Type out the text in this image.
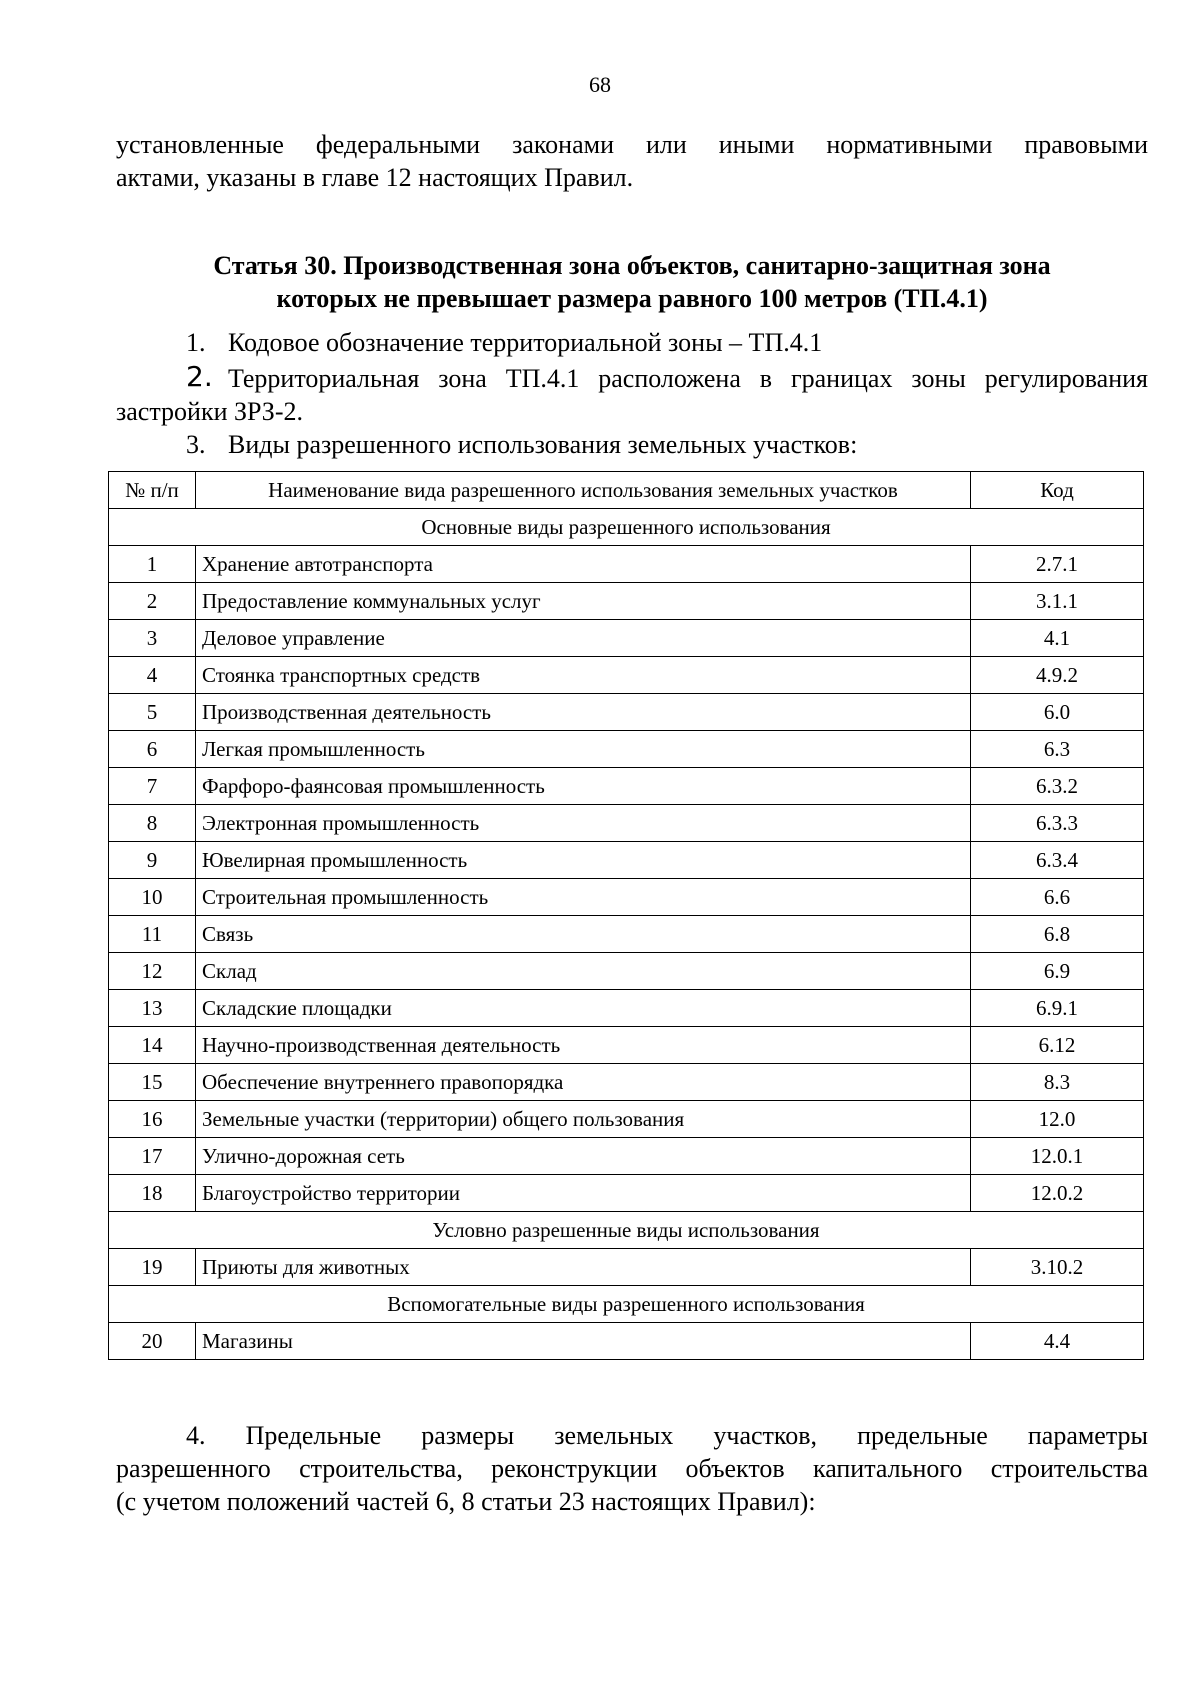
68
установленные федеральными законами или иными нормативными правовыми
актами, указаны в главе 12 настоящих Правил.
Статья 30. Производственная зона объектов, санитарно-защитная зона
которых не превышает размера равного 100 метров (ТП.4.1)
1. Кодовое обозначение территориальной зоны – ТП.4.1
2. Территориальная зона ТП.4.1 расположена в границах зоны регулирования
застройки ЗРЗ-2.
3. Виды разрешенного использования земельных участков:
№ п/п	Наименование вида разрешенного использования земельных участков	Код
Основные виды разрешенного использования		
1	Хранение автотранспорта	2.7.1
2	Предоставление коммунальных услуг	3.1.1
3	Деловое управление	4.1
4	Стоянка транспортных средств	4.9.2
5	Производственная деятельность	6.0
6	Легкая промышленность	6.3
7	Фарфоро-фаянсовая промышленность	6.3.2
8	Электронная промышленность	6.3.3
9	Ювелирная промышленность	6.3.4
10	Строительная промышленность	6.6
11	Связь	6.8
12	Склад	6.9
13	Складские площадки	6.9.1
14	Научно-производственная деятельность	6.12
15	Обеспечение внутреннего правопорядка	8.3
16	Земельные участки (территории) общего пользования	12.0
17	Улично-дорожная сеть	12.0.1
18	Благоустройство территории	12.0.2
Условно разрешенные виды использования		
19	Приюты для животных	3.10.2
Вспомогательные виды разрешенного использования		
20	Магазины	4.4
4. Предельные размеры земельных участков, предельные параметры
разрешенного строительства, реконструкции объектов капитального строительства
(с учетом положений частей 6, 8 статьи 23 настоящих Правил):
